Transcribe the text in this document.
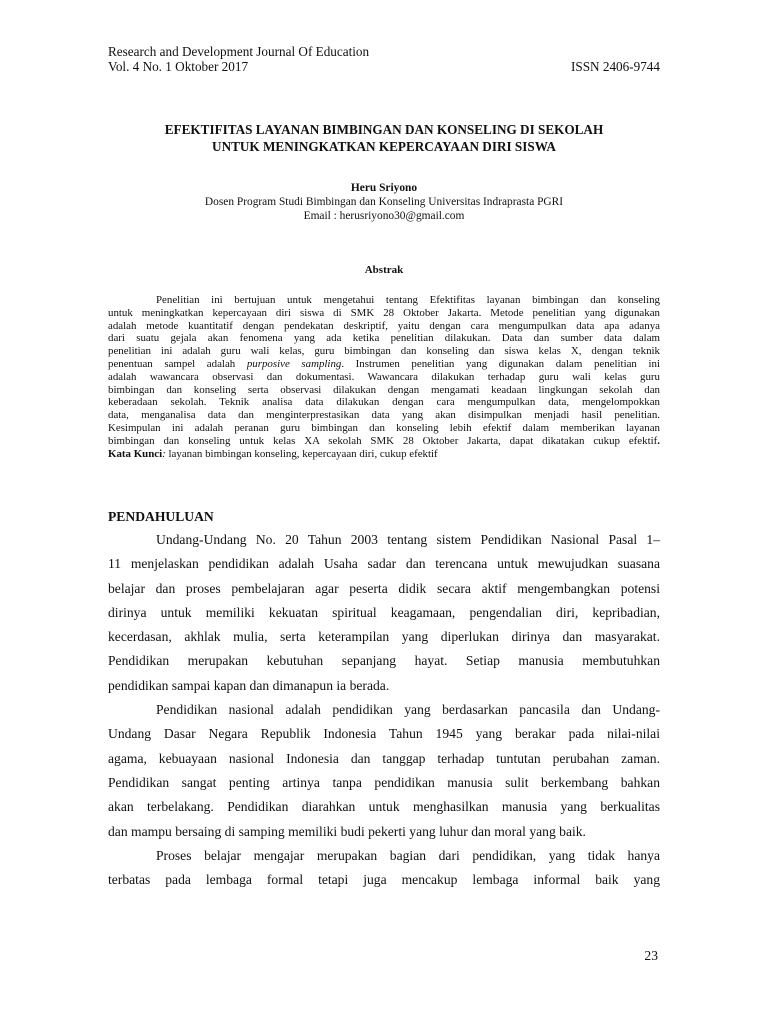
Research and Development Journal Of Education
Vol. 4 No. 1 Oktober 2017	ISSN 2406-9744
EFEKTIFITAS LAYANAN BIMBINGAN DAN KONSELING DI SEKOLAH
UNTUK MENINGKATKAN KEPERCAYAAN DIRI SISWA
Heru Sriyono
Dosen Program Studi Bimbingan dan Konseling Universitas Indraprasta PGRI
Email : herusriyono30@gmail.com
Abstrak
Penelitian ini bertujuan untuk mengetahui tentang Efektifitas layanan bimbingan dan konseling
untuk meningkatkan kepercayaan diri siswa di SMK 28 Oktober Jakarta. Metode penelitian yang digunakan
adalah metode kuantitatif dengan pendekatan deskriptif, yaitu dengan cara mengumpulkan data apa adanya
dari suatu gejala akan fenomena yang ada ketika penelitian dilakukan. Data dan sumber data dalam
penelitian ini adalah guru wali kelas, guru bimbingan dan konseling dan siswa kelas X, dengan teknik
penentuan sampel adalah purposive sampling. Instrumen penelitian yang digunakan dalam penelitian ini
adalah wawancara observasi dan dokumentasi. Wawancara dilakukan terhadap guru wali kelas guru
bimbingan dan konseling serta observasi dilakukan dengan mengamati keadaan lingkungan sekolah dan
keberadaan sekolah. Teknik analisa data dilakukan dengan cara mengumpulkan data, mengelompokkan
data, menganalisa data dan menginterprestasikan data yang akan disimpulkan menjadi hasil penelitian.
Kesimpulan ini adalah peranan guru bimbingan dan konseling lebih efektif dalam memberikan layanan
bimbingan dan konseling untuk kelas XA sekolah SMK 28 Oktober Jakarta, dapat dikatakan cukup efektif.
Kata Kunci: layanan bimbingan konseling, kepercayaan diri, cukup efektif
PENDAHULUAN
Undang-Undang No. 20 Tahun 2003 tentang sistem Pendidikan Nasional Pasal 1–
11 menjelaskan pendidikan adalah Usaha sadar dan terencana untuk mewujudkan suasana
belajar dan proses pembelajaran agar peserta didik secara aktif mengembangkan potensi
dirinya untuk memiliki kekuatan spiritual keagamaan, pengendalian diri, kepribadian,
kecerdasan, akhlak mulia, serta keterampilan yang diperlukan dirinya dan masyarakat.
Pendidikan merupakan kebutuhan sepanjang hayat. Setiap manusia membutuhkan
pendidikan sampai kapan dan dimanapun ia berada.
Pendidikan nasional adalah pendidikan yang berdasarkan pancasila dan Undang-
Undang Dasar Negara Republik Indonesia Tahun 1945 yang berakar pada nilai-nilai
agama, kebuayaan nasional Indonesia dan tanggap terhadap tuntutan perubahan zaman.
Pendidikan sangat penting artinya tanpa pendidikan manusia sulit berkembang bahkan
akan terbelakang. Pendidikan diarahkan untuk menghasilkan manusia yang berkualitas
dan mampu bersaing di samping memiliki budi pekerti yang luhur dan moral yang baik.
Proses belajar mengajar merupakan bagian dari pendidikan, yang tidak hanya
terbatas pada lembaga formal tetapi juga mencakup lembaga informal baik yang
23
